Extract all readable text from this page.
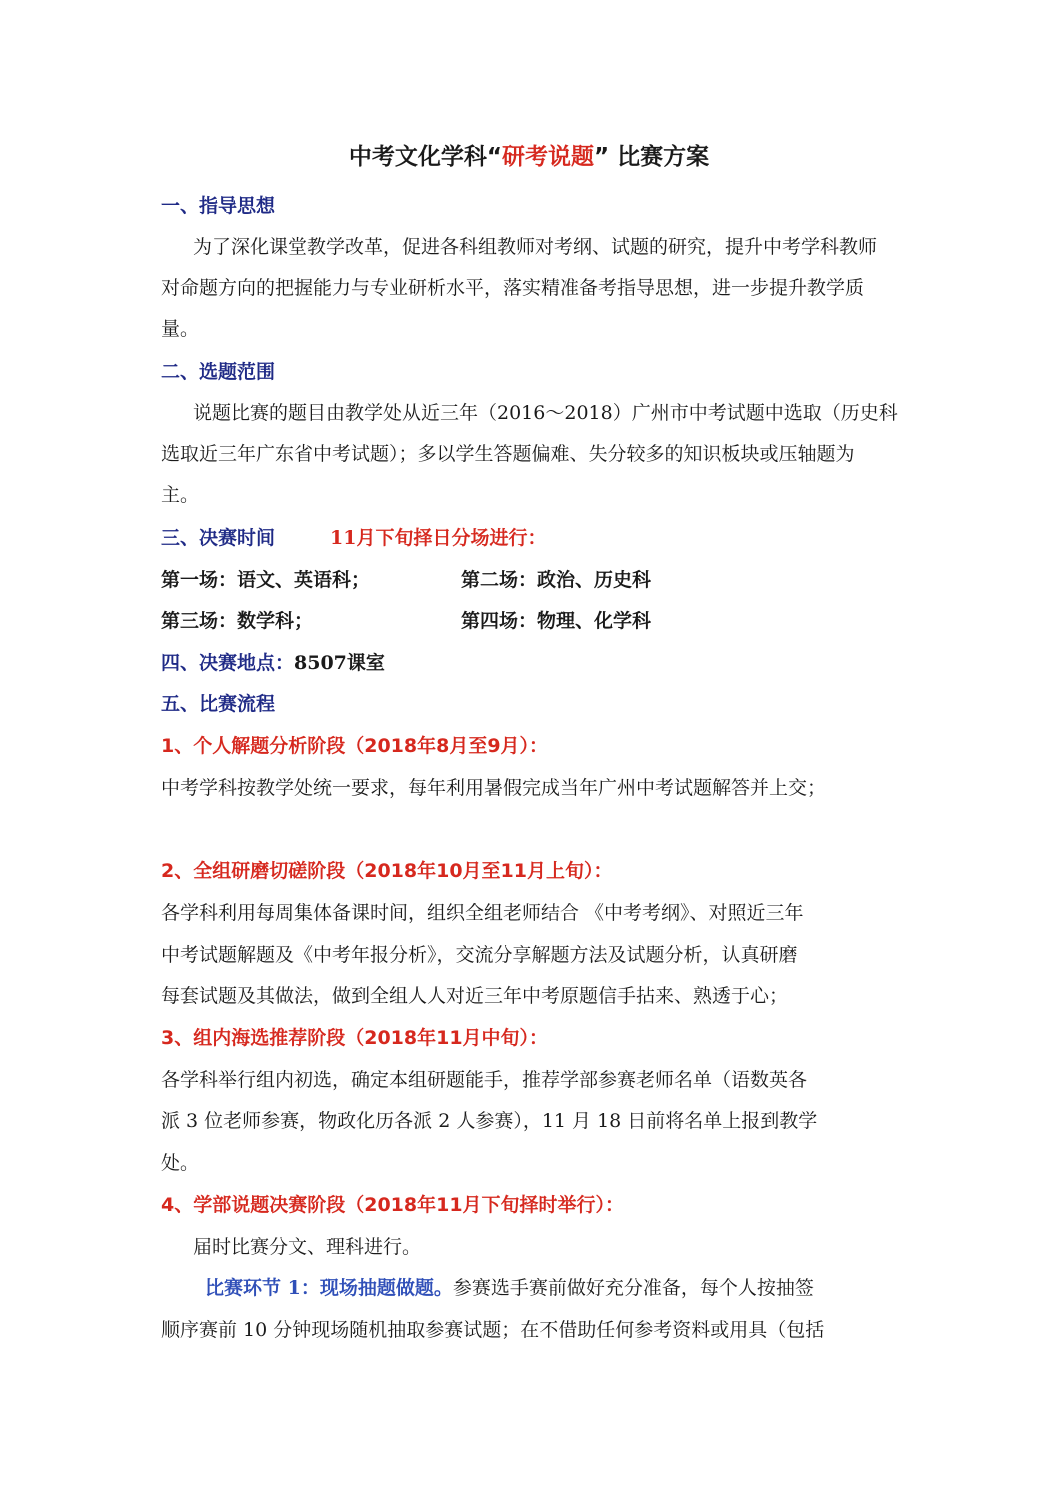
中考文化学科“研考说题” 比赛方案
一、指导思想
为了深化课堂教学改革，促进各科组教师对考纲、试题的研究，提升中考学科教师
对命题方向的把握能力与专业研析水平，落实精准备考指导思想，进一步提升教学质
量。
二、选题范围
说题比赛的题目由教学处从近三年（2016～2018）广州市中考试题中选取（历史科
选取近三年广东省中考试题）；多以学生答题偏难、失分较多的知识板块或压轴题为
主。
三、决赛时间	11月下旬择日分场进行：
第一场：语文、英语科；	第二场：政治、历史科
第三场：数学科；	第四场：物理、化学科
四、决赛地点：8507课室
五、比赛流程
1、个人解题分析阶段（2018年8月至9月）：
中考学科按教学处统一要求，每年利用暑假完成当年广州中考试题解答并上交；
2、全组研磨切磋阶段（2018年10月至11月上旬）：
各学科利用每周集体备课时间，组织全组老师结合 《中考考纲》、对照近三年
中考试题解题及《中考年报分析》，交流分享解题方法及试题分析，认真研磨
每套试题及其做法，做到全组人人对近三年中考原题信手拈来、熟透于心；
3、组内海选推荐阶段（2018年11月中旬）：
各学科举行组内初选，确定本组研题能手，推荐学部参赛老师名单（语数英各
派 3 位老师参赛，物政化历各派 2 人参赛），11 月 18 日前将名单上报到教学
处。
4、学部说题决赛阶段（2018年11月下旬择时举行）：
届时比赛分文、理科进行。
比赛环节 1：现场抽题做题。参赛选手赛前做好充分准备，每个人按抽签
顺序赛前 10 分钟现场随机抽取参赛试题；在不借助任何参考资料或用具（包括
